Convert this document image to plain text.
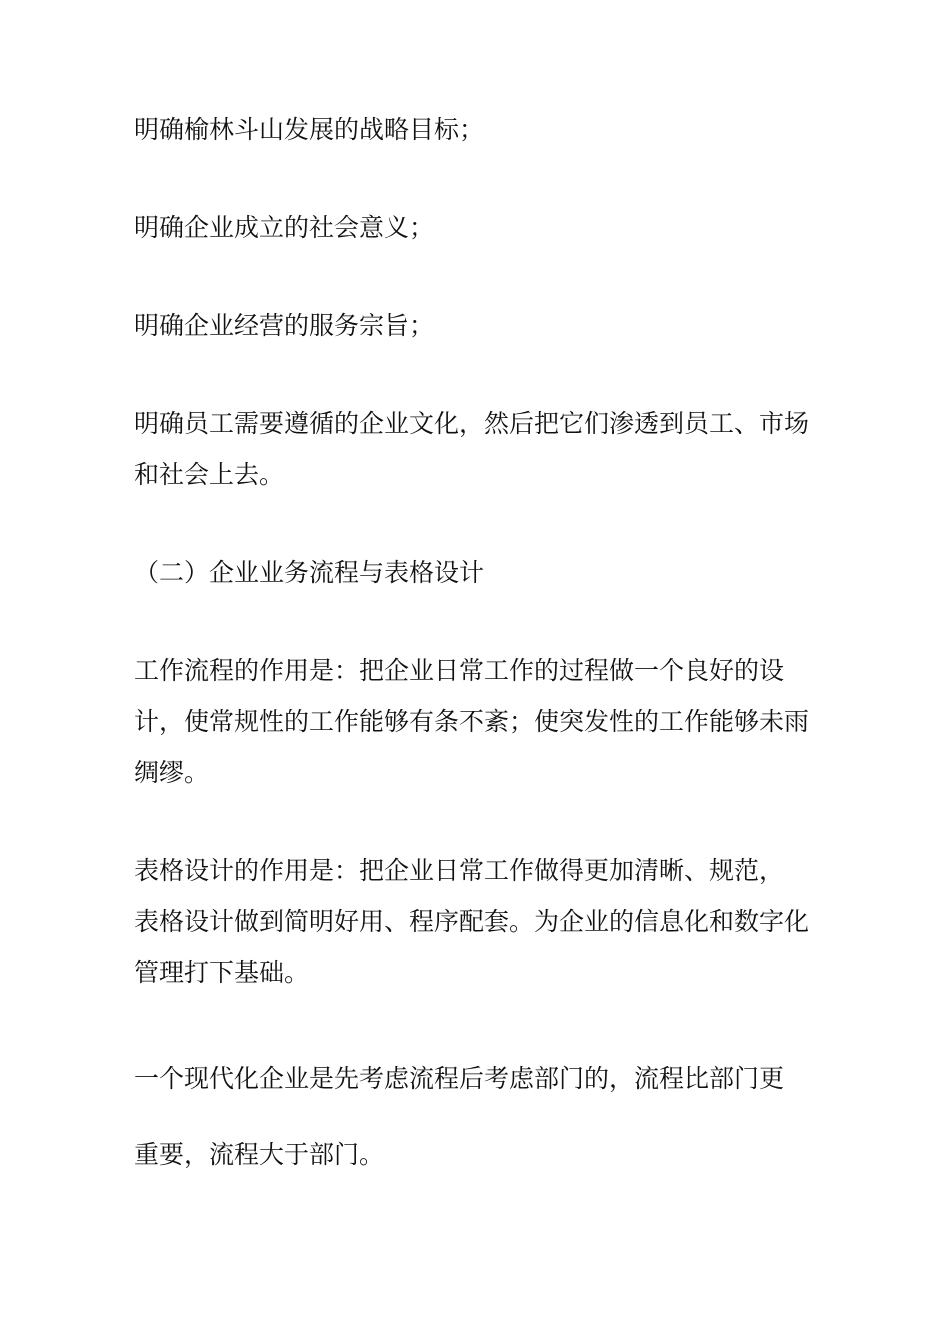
明确榆林斗山发展的战略目标；

明确企业成立的社会意义；

明确企业经营的服务宗旨；

明确员工需要遵循的企业文化，然后把它们渗透到员工、市场

和社会上去。

（二）企业业务流程与表格设计

工作流程的作用是：把企业日常工作的过程做一个良好的设

计，使常规性的工作能够有条不紊；使突发性的工作能够未雨

绸缪。

表格设计的作用是：把企业日常工作做得更加清晰、规范，

表格设计做到简明好用、程序配套。为企业的信息化和数字化

管理打下基础。

一个现代化企业是先考虑流程后考虑部门的，流程比部门更

重要，流程大于部门。
